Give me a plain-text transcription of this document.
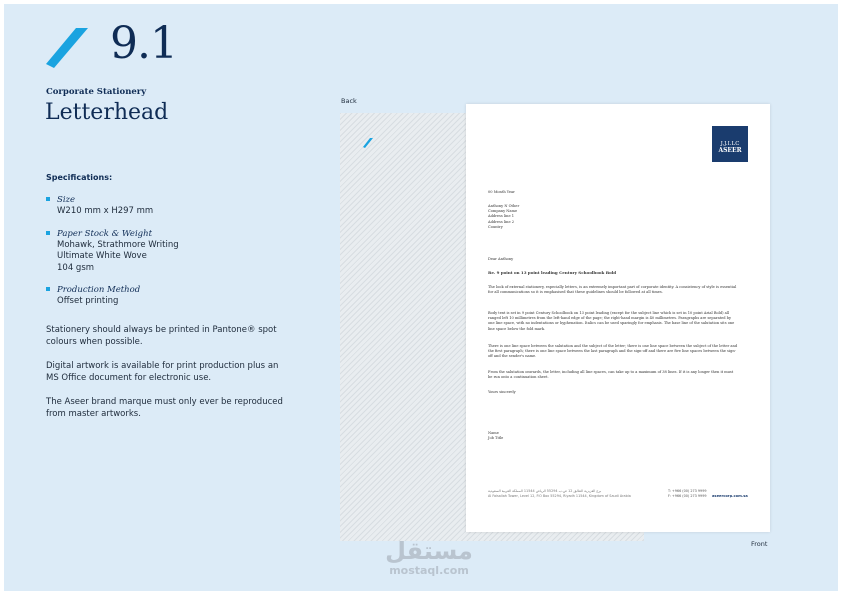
9.1
Corporate Stationery
Letterhead
Specifications:
Size
W210 mm x H297 mm
Paper Stock & Weight
Mohawk, Strathmore Writing
Ultimate White Wove
104 gsm
Production Method
Offset printing
Stationery should always be printed in Pantone® spot colours when possible.
Digital artwork is available for print production plus an MS Office document for electronic use.
The Aseer brand marque must only ever be reproduced from master artworks.
Back
J.J.I.LC
ASEER
00 Month Year
Anthony N Other
Company Name
Address line 1
Address line 2
Country
Dear Anthony
Re. 9 point on 13 point leading Century Schoolbook Bold
The look of external stationery, especially letters, is an extremely important part of corporate identity. A consistency of style is essential for all communications so it is emphasised that these guidelines should be followed at all times.
Body text is set in 9 point Century Schoolbook on 13 point leading (except for the subject line which is set in 10 point Arial Bold) all ranged left 10 millimetres from the left-hand edge of the page; the right-hand margin is 40 millimetres. Paragraphs are separated by one line space, with no indentations or hyphenation. Italics can be used sparingly for emphasis. The base line of the salutation sits one line space below the fold mark.
There is one line space between the salutation and the subject of the letter; there is one line space between the subject of the letter and the first paragraph; there is one line space between the last paragraph and the sign-off and there are five line spaces between the sign-off and the sender's name.
From the salutation onwards, the letter, including all line spaces, can take up to a maximum of 38 lines. If it is any longer then it must be run onto a continuation sheet.
Yours sincerely
Name
Job Title
برج العزيزية الطابق 12 ص.ب 55294 الرياض 11544 المملكة العربية السعودية
Al Faisaliah Tower, Level 12, P.O Box 55294, Riyadh 11544, Kingdom of Saudi Arabia
T: +966 (00) 273 9999
F: +966 (00) 273 9999	aseercorp.com.sa
Front
مستقل
mostaql.com
